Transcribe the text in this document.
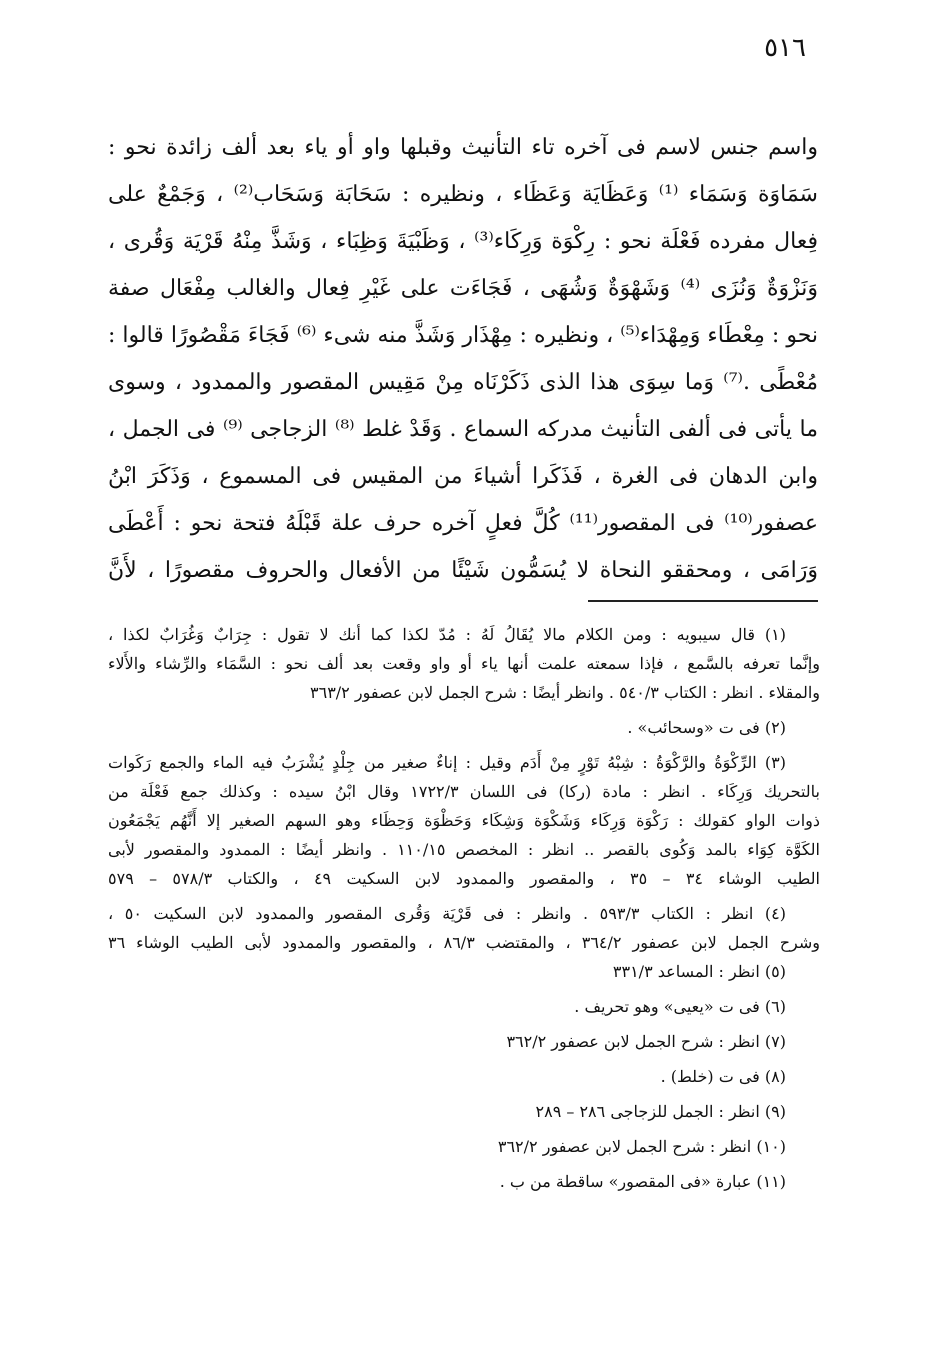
٥١٦
واسم جنس لاسم فى آخره تاء التأنيث وقبلها واو أو ياء بعد ألف زائدة نحو :
سَمَاوَة وَسَمَاء ⁽¹⁾ وَعَظَايَة وَعَظَاء ، ونظيره : سَحَابَة وَسَحَاب⁽²⁾ ، وَجَمْعٌ على
فِعال مفرده فَعْلَة نحو : رِكْوَة وَرِكَاء⁽³⁾ ، وَظَبْيَةَ وَظِبَاء ، وَشَذَّ مِنْهُ قَرْيَة وَقُرى ،
وَنَزْوَةٌ وَنُزَى ⁽⁴⁾ وَشَهْوَةٌ وَشُهَى ، فَجَاءَت على غَيْرِ فِعال والغالب مِفْعَال صفة
نحو : مِعْطَاء وَمِهْدَاء⁽⁵⁾ ، ونظيره : مِهْذَار وَشَذَّ منه شىء ⁽⁶⁾ فَجَاءَ مَقْصُورًا قالوا :
مُعْطًى .⁽⁷⁾ وَما سِوَى هذا الذى ذَكَرْنَاه مِنْ مَقِيس المقصور والممدود ، وسوى
ما يأتى فى ألفى التأنيث مدركه السماع . وَقَدْ غلط ⁽⁸⁾ الزجاجى ⁽⁹⁾ فى الجمل ،
وابن الدهان فى الغرة ، فَذَكَرا أشياءَ من المقيس فى المسموع ، وَذَكَرَ ابْنُ
عصفور⁽¹⁰⁾ فى المقصور⁽¹¹⁾ كُلَّ فعلٍ آخره حرف علة قَبْلَهُ فتحة نحو : أَعْطَى
وَرَامَى ، ومحققو النحاة لا يُسَمُّون شَيْئًا من الأفعال والحروف مقصورًا ، لأَنَّ
(١) قال سيبويه : ومن الكلام مالا يُقَالُ لَهُ : مُدّ لكذا كما أنك لا تقول : جِرَابٌ وَغُرَابٌ لكذا ،
وإنَّما تعرفه بالسَّمع ، فإذا سمعته علمت أنها ياء أو واو وقعت بعد ألف نحو : السَّمَاء والرِّشاء والأَلاء
والمقلاء . انظر : الكتاب ٥٤٠/٣ . وانظر أيضًا : شرح الجمل لابن عصفور ٣٦٣/٢
(٢) فى ت «وسحائب» .
(٣) الرِّكْوَةُ والرَّكْوَةُ : شِبْهُ تَوْرٍ مِنْ أَدَم وقيل : إناءٌ صغير من جِلْدٍ يُشْرَبُ فيه الماء والجمع رَكَوات
بالتحريك وَرِكَاء . انظر : مادة (ركا) فى اللسان ١٧٢٢/٣ وقال ابْنُ سيده : وكذلك جمع فَعْلَة من
ذوات الواو كقولك : رَكْوَة وَرِكَاء وَشَكْوَة وَشِكَاء وَحَظْوَة وَحِظَاء وهو السهم الصغير إلا أَنَّهُم يَجْمَعُون
الكَوَّة كِوَاء بالمد وَكُوى بالقصر .. انظر : المخصص ١١٠/١٥ . وانظر أيضًا : الممدود والمقصور لأبى
الطيب الوشاء ٣٤ – ٣٥ ، والمقصور والممدود لابن السكيت ٤٩ ، والكتاب ٥٧٨/٣ – ٥٧٩
(٤) انظر : الكتاب ٥٩٣/٣ . وانظر : فى قَرْيَة وَقُرى المقصور والممدود لابن السكيت ٥٠ ،
وشرح الجمل لابن عصفور ٣٦٤/٢ ، والمقتضب ٨٦/٣ ، والمقصور والممدود لأبى الطيب الوشاء ٣٦
(٥) انظر : المساعد ٣٣١/٣
(٦) فى ت «يعيى» وهو تحريف .
(٧) انظر : شرح الجمل لابن عصفور ٣٦٢/٢
(٨) فى ت (خلط) .
(٩) انظر : الجمل للزجاجى ٢٨٦ – ٢٨٩
(١٠) انظر : شرح الجمل لابن عصفور ٣٦٢/٢
(١١) عبارة «فى المقصور» ساقطة من ب .
